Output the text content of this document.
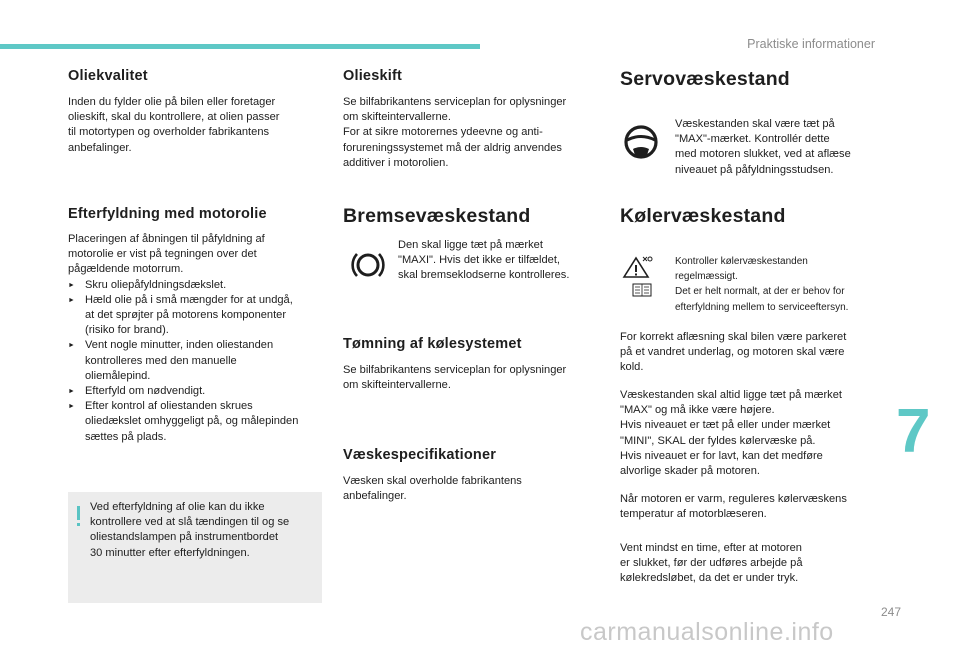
Praktiske informationer
Oliekvalitet
Inden du fylder olie på bilen eller foretager
olieskift, skal du kontrollere, at olien passer
til motortypen og overholder fabrikantens
anbefalinger.
Efterfyldning med motorolie
Placeringen af åbningen til påfyldning af
motorolie er vist på tegningen over det
pågældende motorrum.
► Skru oliepåfyldningsdækslet.
► Hæld olie på i små mængder for at undgå,
at det sprøjter på motorens komponenter
(risiko for brand).
► Vent nogle minutter, inden oliestanden
kontrolleres med den manuelle
oliemålepind.
► Efterfyld om nødvendigt.
► Efter kontrol af oliestanden skrues
oliedækslet omhyggeligt på, og målepinden
sættes på plads.
Ved efterfyldning af olie kan du ikke
kontrollere ved at slå tændingen til og se
oliestandslampen på instrumentbordet
30 minutter efter efterfyldningen.
Olieskift
Se bilfabrikantens serviceplan for oplysninger
om skifteintervallerne.
For at sikre motorernes ydeevne og anti-
forureningssystemet må der aldrig anvendes
additiver i motorolien.
Bremsevæskestand
Den skal ligge tæt på mærket
"MAXI". Hvis det ikke er tilfældet,
skal bremseklodserne kontrolleres.
Tømning af kølesystemet
Se bilfabrikantens serviceplan for oplysninger
om skifteintervallerne.
Væskespecifikationer
Væsken skal overholde fabrikantens
anbefalinger.
Servovæskestand
Væskestanden skal være tæt på
"MAX"-mærket. Kontrollér dette
med motoren slukket, ved at aflæse
niveauet på påfyldningsstudsen.
Kølervæskestand
Kontroller kølervæskestanden
regelmæssigt.
Det er helt normalt, at der er behov for
efterfyldning mellem to serviceeftersyn.
For korrekt aflæsning skal bilen være parkeret
på et vandret underlag, og motoren skal være
kold.
Væskestanden skal altid ligge tæt på mærket
"MAX" og må ikke være højere.
Hvis niveauet er tæt på eller under mærket
"MINI", SKAL der fyldes kølervæske på.
Hvis niveauet er for lavt, kan det medføre
alvorlige skader på motoren.
Når motoren er varm, reguleres kølervæskens
temperatur af motorblæseren.
Vent mindst en time, efter at motoren
er slukket, før der udføres arbejde på
kølekredsløbet, da det er under tryk.
7
247
carmanualsonline.info
